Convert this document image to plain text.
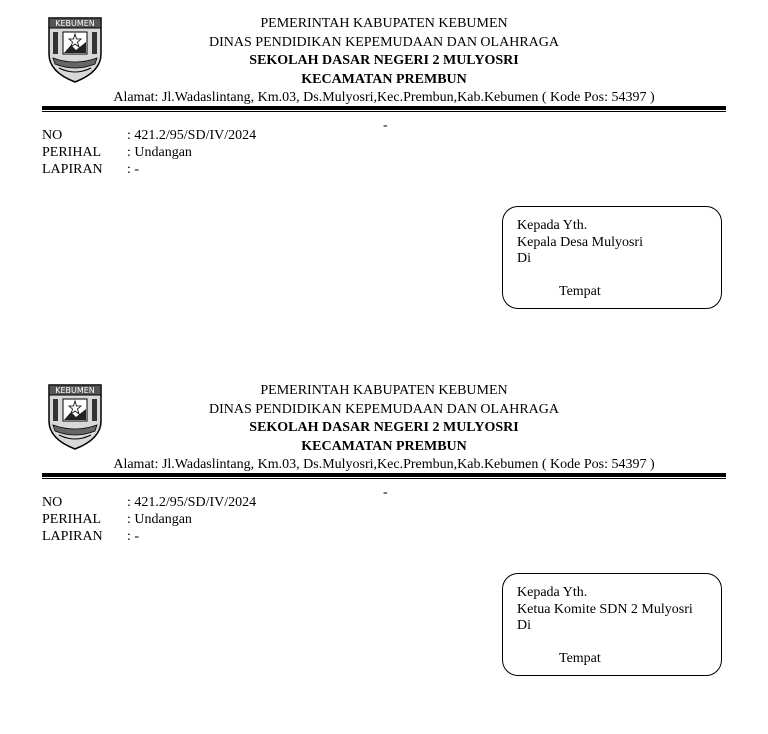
KEBUMEN	PEMERINTAH KABUPATEN KEBUMEN
DINAS PENDIDIKAN KEPEMUDAAN DAN OLAHRAGA
SEKOLAH DASAR NEGERI 2 MULYOSRI
KECAMATAN PREMBUN
Alamat: Jl.Wadaslintang, Km.03, Ds.Mulyosri,Kec.Prembun,Kab.Kebumen ( Kode Pos: 54397 )
-
NO	: 421.2/95/SD/IV/2024
PERIHAL : Undangan
LAPIRAN : -
Kepada Yth.
Kepala Desa Mulyosri
Di
Tempat
KEBUMEN	PEMERINTAH KABUPATEN KEBUMEN
DINAS PENDIDIKAN KEPEMUDAAN DAN OLAHRAGA
SEKOLAH DASAR NEGERI 2 MULYOSRI
KECAMATAN PREMBUN
Alamat: Jl.Wadaslintang, Km.03, Ds.Mulyosri,Kec.Prembun,Kab.Kebumen ( Kode Pos: 54397 )
-
NO	: 421.2/95/SD/IV/2024
PERIHAL : Undangan
LAPIRAN : -
Kepada Yth.
Ketua Komite SDN 2 Mulyosri
Di
Tempat
